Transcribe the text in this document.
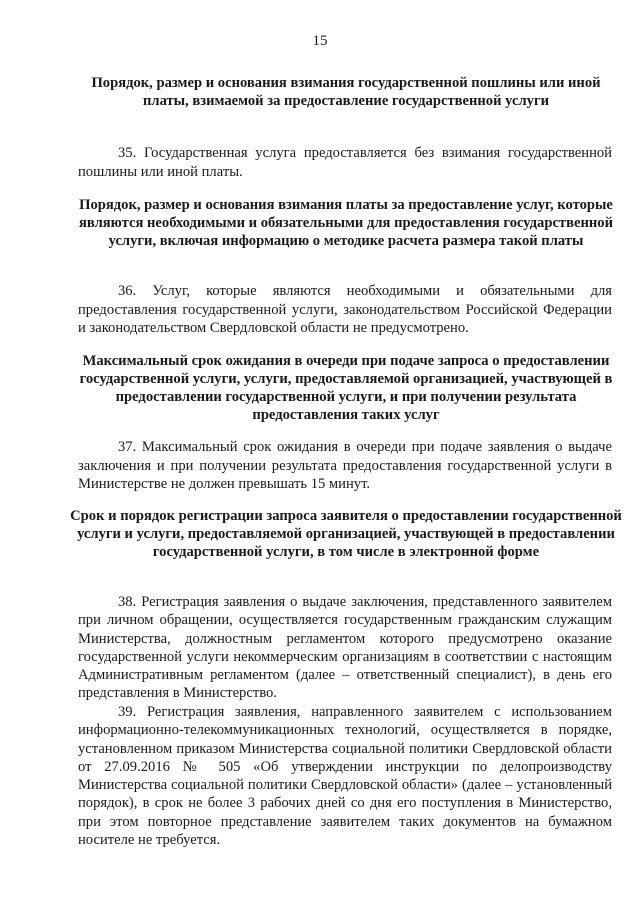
15
Порядок, размер и основания взимания государственной пошлины или иной платы, взимаемой за предоставление государственной услуги
35. Государственная услуга предоставляется без взимания государственной пошлины или иной платы.
Порядок, размер и основания взимания платы за предоставление услуг, которые являются необходимыми и обязательными для предоставления государственной услуги, включая информацию о методике расчета размера такой платы
36. Услуг, которые являются необходимыми и обязательными для предоставления государственной услуги, законодательством Российской Федерации и законодательством Свердловской области не предусмотрено.
Максимальный срок ожидания в очереди при подаче запроса о предоставлении государственной услуги, услуги, предоставляемой организацией, участвующей в предоставлении государственной услуги, и при получении результата предоставления таких услуг
37. Максимальный срок ожидания в очереди при подаче заявления о выдаче заключения и при получении результата предоставления государственной услуги в Министерстве не должен превышать 15 минут.
Срок и порядок регистрации запроса заявителя о предоставлении государственной услуги и услуги, предоставляемой организацией, участвующей в предоставлении государственной услуги, в том числе в электронной форме
38. Регистрация заявления о выдаче заключения, представленного заявителем при личном обращении, осуществляется государственным гражданским служащим Министерства, должностным регламентом которого предусмотрено оказание государственной услуги некоммерческим организациям в соответствии с настоящим Административным регламентом (далее – ответственный специалист), в день его представления в Министерство.
39. Регистрация заявления, направленного заявителем с использованием информационно-телекоммуникационных технологий, осуществляется в порядке, установленном приказом Министерства социальной политики Свердловской области от 27.09.2016 № 505 «Об утверждении инструкции по делопроизводству Министерства социальной политики Свердловской области» (далее – установленный порядок), в срок не более 3 рабочих дней со дня его поступления в Министерство, при этом повторное представление заявителем таких документов на бумажном носителе не требуется.
